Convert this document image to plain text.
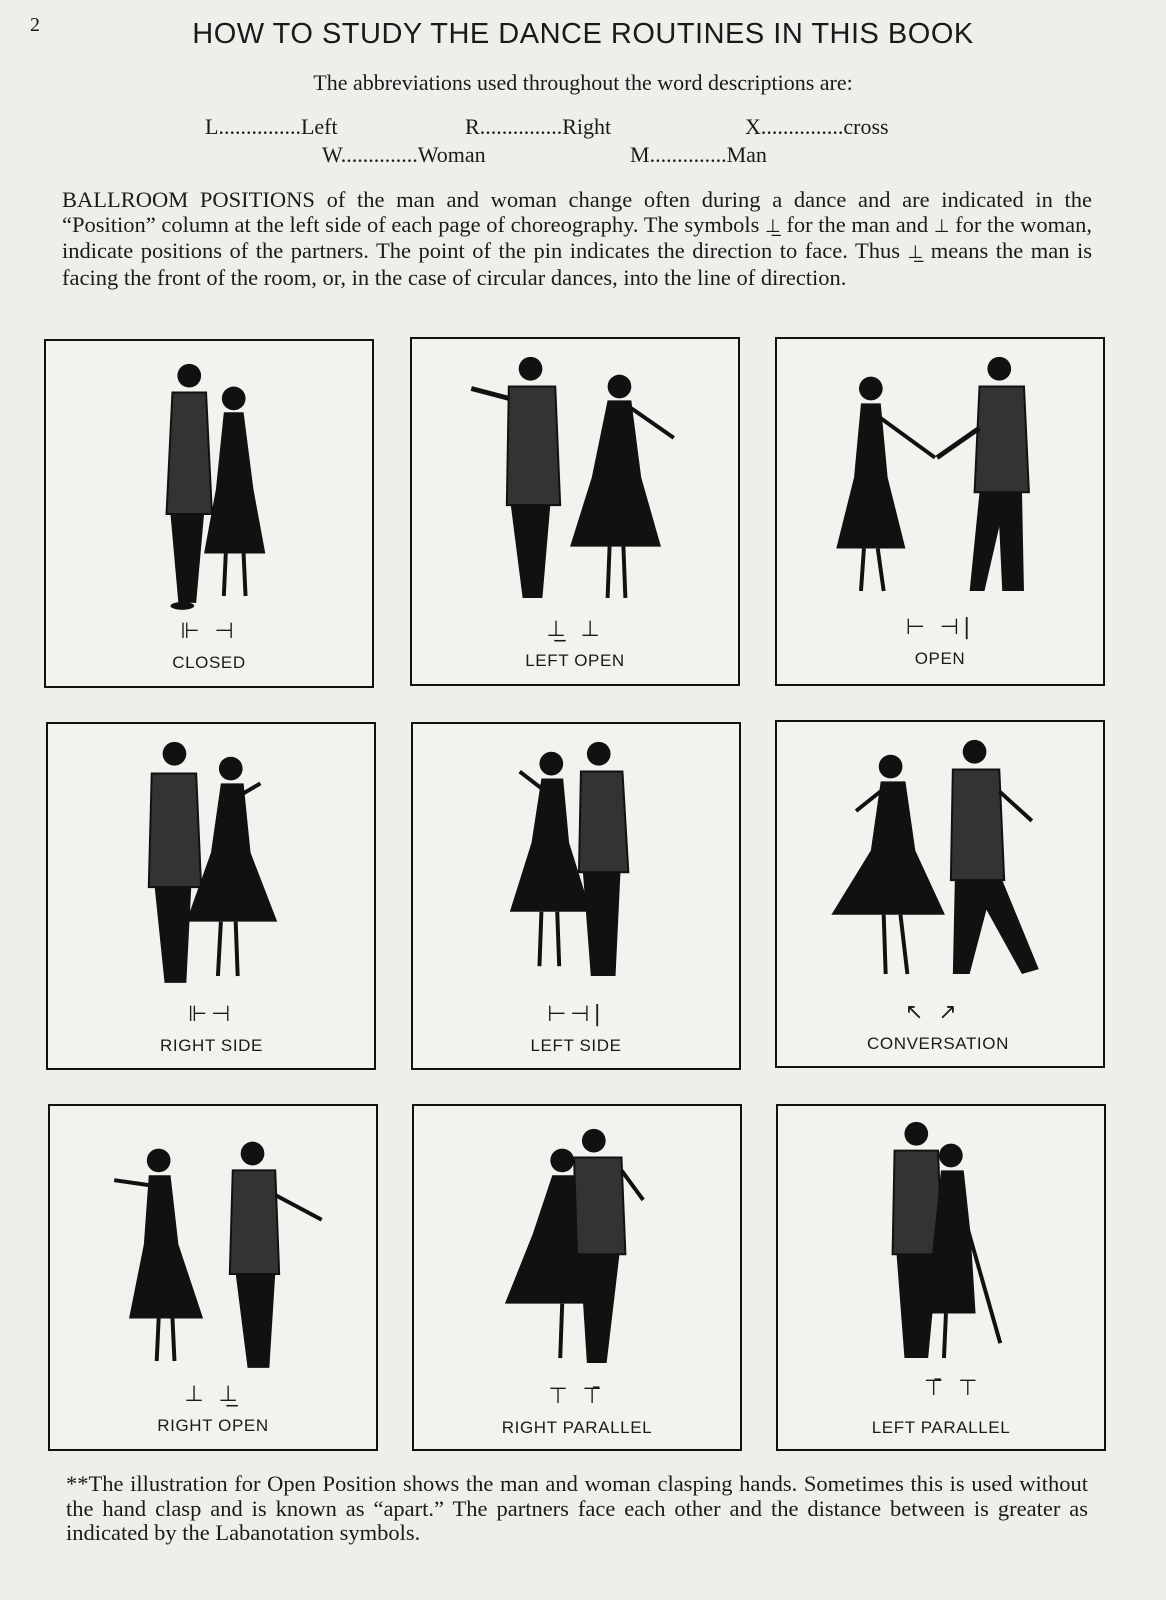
2	HOW TO STUDY THE DANCE ROUTINES IN THIS BOOK
The abbreviations used throughout the word descriptions are:
L...............Left	R...............Right	X...............cross
W..............Woman	M..............Man
BALLROOM POSITIONS of the man and woman change often during a dance and are indicated in the “Position” column at the left side of each page of choreography. The symbols ⊥̲ for the man and ⊥ for the woman, indicate positions of the partners. The point of the pin indicates the direction to face. Thus ⊥̲ means the man is facing the front of the room, or, in the case of circular dances, into the line of direction.
⊩ ⊣
CLOSED
⊥̲ ⊥
LEFT OPEN
⊢ ⊣|
OPEN
⊩⊣
RIGHT SIDE
⊢⊣|
LEFT SIDE
↖ ↗
CONVERSATION
⊥ ⊥̲
RIGHT OPEN
⊤ ⊤̄
RIGHT PARALLEL
⊤̄ ⊤
LEFT PARALLEL
**The illustration for Open Position shows the man and woman clasping hands. Sometimes this is used without the hand clasp and is known as “apart.” The partners face each other and the distance between is greater as indicated by the Labanotation symbols.
